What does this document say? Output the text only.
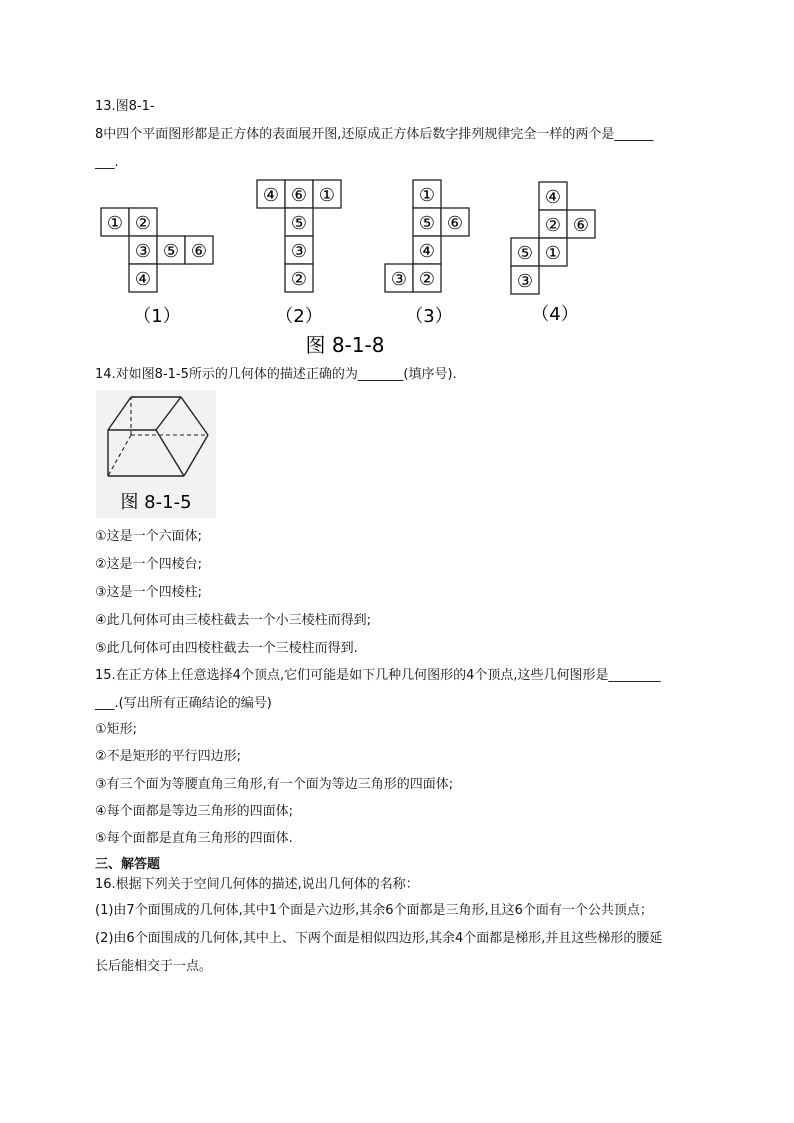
13.图8-1-
8中四个平面图形都是正方体的表面展开图,还原成正方体后数字排列规律完全一样的两个是______
___.
① ②
③ ⑤ ⑥
④
（1）
④ ⑥ ①
⑤
③
②
（2）
①
⑤ ⑥
④
③ ②
（3）
④
② ⑥
⑤ ①
③
（4）
图 8-1-8
14.对如图8-1-5所示的几何体的描述正确的为_______(填序号).
图 8-1-5
①这是一个六面体;
②这是一个四棱台;
③这是一个四棱柱;
④此几何体可由三棱柱截去一个小三棱柱而得到;
⑤此几何体可由四棱柱截去一个三棱柱而得到.
15.在正方体上任意选择4个顶点,它们可能是如下几种几何图形的4个顶点,这些几何图形是________
___.(写出所有正确结论的编号)
①矩形;
②不是矩形的平行四边形;
③有三个面为等腰直角三角形,有一个面为等边三角形的四面体;
④每个面都是等边三角形的四面体;
⑤每个面都是直角三角形的四面体.
三、解答题
16.根据下列关于空间几何体的描述,说出几何体的名称：
(1)由7个面围成的几何体,其中1个面是六边形,其余6个面都是三角形,且这6个面有一个公共顶点；
(2)由6个面围成的几何体,其中上、下两个面是相似四边形,其余4个面都是梯形,并且这些梯形的腰延
长后能相交于一点。
